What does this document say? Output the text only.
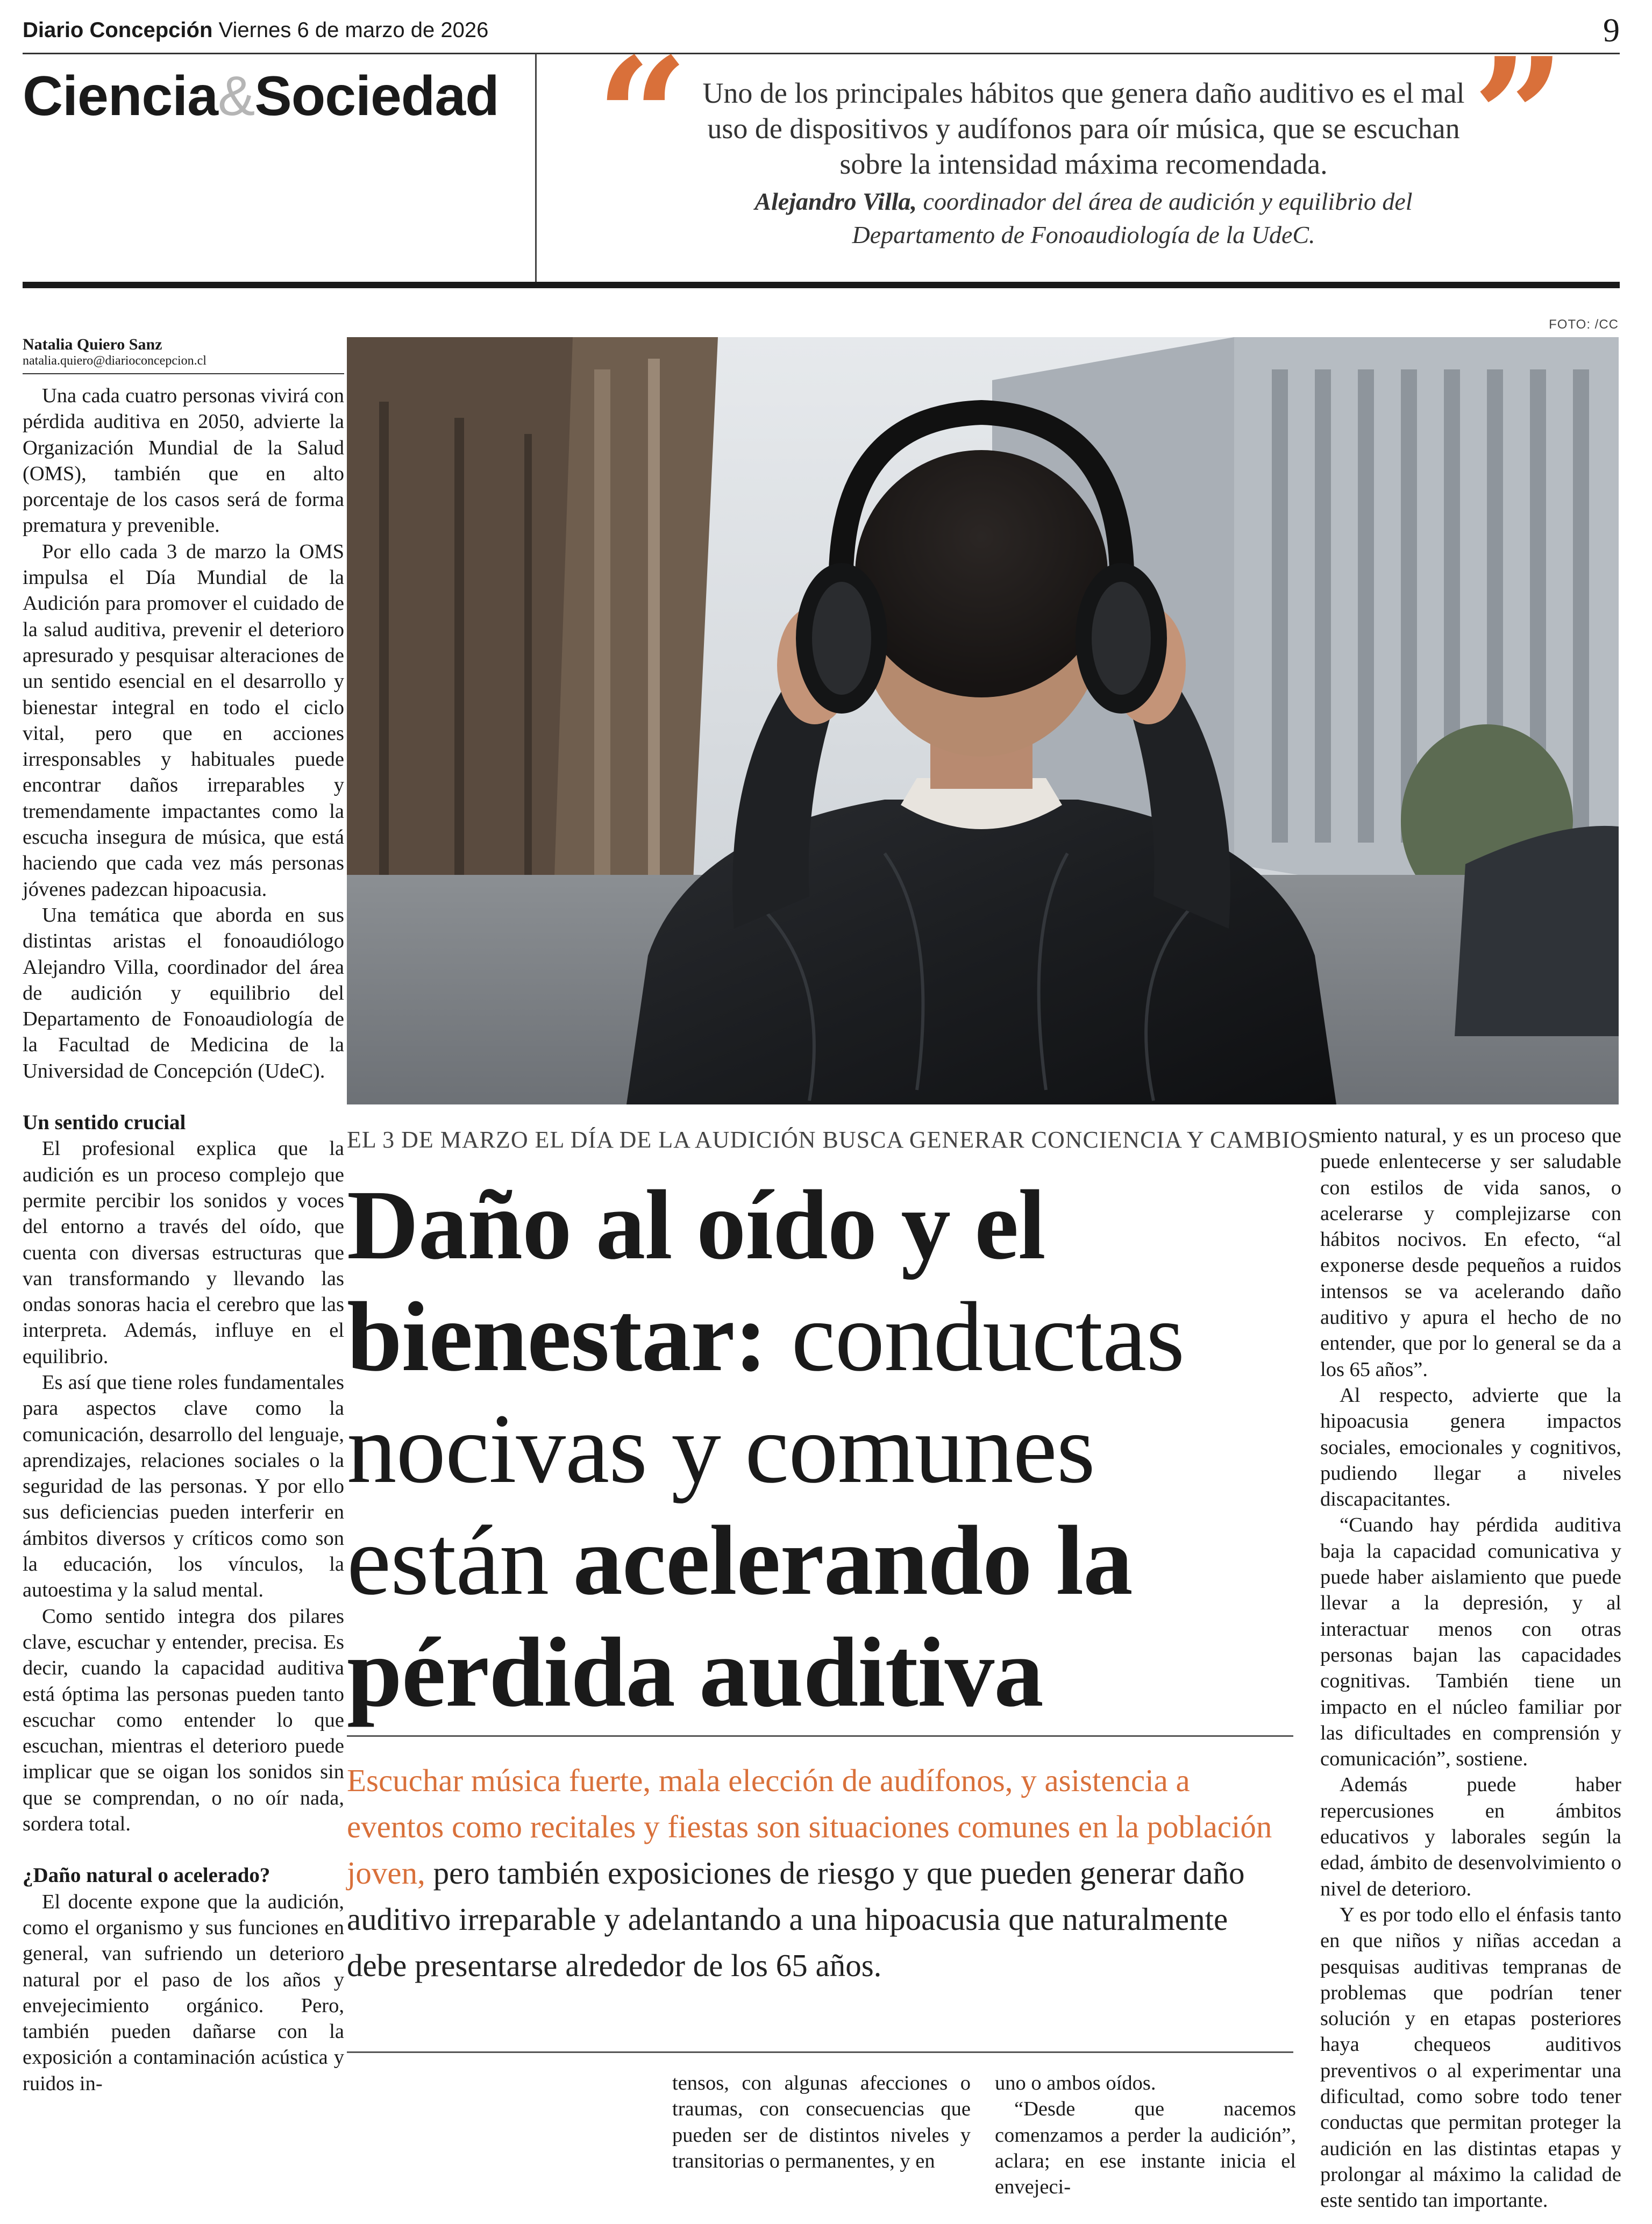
Diario Concepción Viernes 6 de marzo de 2026	9
Ciencia&Sociedad “	”
Uno de los principales hábitos que genera daño auditivo es el mal uso de dispositivos y audífonos para oír música, que se escuchan sobre la intensidad máxima recomendada.
Alejandro Villa, coordinador del área de audición y equilibrio del Departamento de Fonoaudiología de la UdeC.
Natalia Quiero Sanz
natalia.quiero@diarioconcepcion.cl

Una cada cuatro personas vivirá con pérdida auditiva en 2050, advierte la Organización Mundial de la Salud (OMS), también que en alto porcentaje de los casos será de forma prematura y prevenible.

Por ello cada 3 de marzo la OMS impulsa el Día Mundial de la Audición para promover el cuidado de la salud auditiva, prevenir el deterioro apresurado y pesquisar alteraciones de un sentido esencial en el desarrollo y bienestar integral en todo el ciclo vital, pero que en acciones irresponsables y habituales puede encontrar daños irreparables y tremendamente impactantes como la escucha insegura de música, que está haciendo que cada vez más personas jóvenes padezcan hipoacusia.

Una temática que aborda en sus distintas aristas el fonoaudiólogo Alejandro Villa, coordinador del área de audición y equilibrio del Departamento de Fonoaudiología de la Facultad de Medicina de la Universidad de Concepción (UdeC).

Un sentido crucial

El profesional explica que la audición es un proceso complejo que permite percibir los sonidos y voces del entorno a través del oído, que cuenta con diversas estructuras que van transformando y llevando las ondas sonoras hacia el cerebro que las interpreta. Además, influye en el equilibrio.

Es así que tiene roles fundamentales para aspectos clave como la comunicación, desarrollo del lenguaje, aprendizajes, relaciones sociales o la seguridad de las personas. Y por ello sus deficiencias pueden interferir en ámbitos diversos y críticos como son la educación, los vínculos, la autoestima y la salud mental.

Como sentido integra dos pilares clave, escuchar y entender, precisa. Es decir, cuando la capacidad auditiva está óptima las personas pueden tanto escuchar como entender lo que escuchan, mientras el deterioro puede implicar que se oigan los sonidos sin que se comprendan, o no oír nada, sordera total.

¿Daño natural o acelerado?

El docente expone que la audición, como el organismo y sus funciones en general, van sufriendo un deterioro natural por el paso de los años y envejecimiento orgánico. Pero, también pueden dañarse con la exposición a contaminación acústica y ruidos in-

FOTO: /CC
EL 3 DE MARZO EL DÍA DE LA AUDICIÓN BUSCA GENERAR CONCIENCIA Y CAMBIOS
Daño al oído y el bienestar: conductas nocivas y comunes están acelerando la pérdida auditiva
Escuchar música fuerte, mala elección de audífonos, y asistencia a eventos como recitales y fiestas son situaciones comunes en la población joven, pero también exposiciones de riesgo y que pueden generar daño auditivo irreparable y adelantando a una hipoacusia que naturalmente debe presentarse alrededor de los 65 años.

tensos, con algunas afecciones o traumas, con consecuencias que pueden ser de distintos niveles y transitorias o permanentes, y en

uno o ambos oídos.

“Desde que nacemos comenzamos a perder la audición”, aclara; en ese instante inicia el envejeci-

miento natural, y es un proceso que puede enlentecerse y ser saludable con estilos de vida sanos, o acelerarse y complejizarse con hábitos nocivos. En efecto, “al exponerse desde pequeños a ruidos intensos se va acelerando daño auditivo y apura el hecho de no entender, que por lo general se da a los 65 años”.

Al respecto, advierte que la hipoacusia genera impactos sociales, emocionales y cognitivos, pudiendo llegar a niveles discapacitantes.

“Cuando hay pérdida auditiva baja la capacidad comunicativa y puede haber aislamiento que puede llevar a la depresión, y al interactuar menos con otras personas bajan las capacidades cognitivas. También tiene un impacto en el núcleo familiar por las dificultades en comprensión y comunicación”, sostiene.

Además puede haber repercusiones en ámbitos educativos y laborales según la edad, ámbito de desenvolvimiento o nivel de deterioro.

Y es por todo ello el énfasis tanto en que niños y niñas accedan a pesquisas auditivas tempranas de problemas que podrían tener solución y en etapas posteriores haya chequeos auditivos preventivos o al experimentar una dificultad, como sobre todo tener conductas que permitan proteger la audición en las distintas etapas y prolongar al máximo la calidad de este sentido tan importante.
